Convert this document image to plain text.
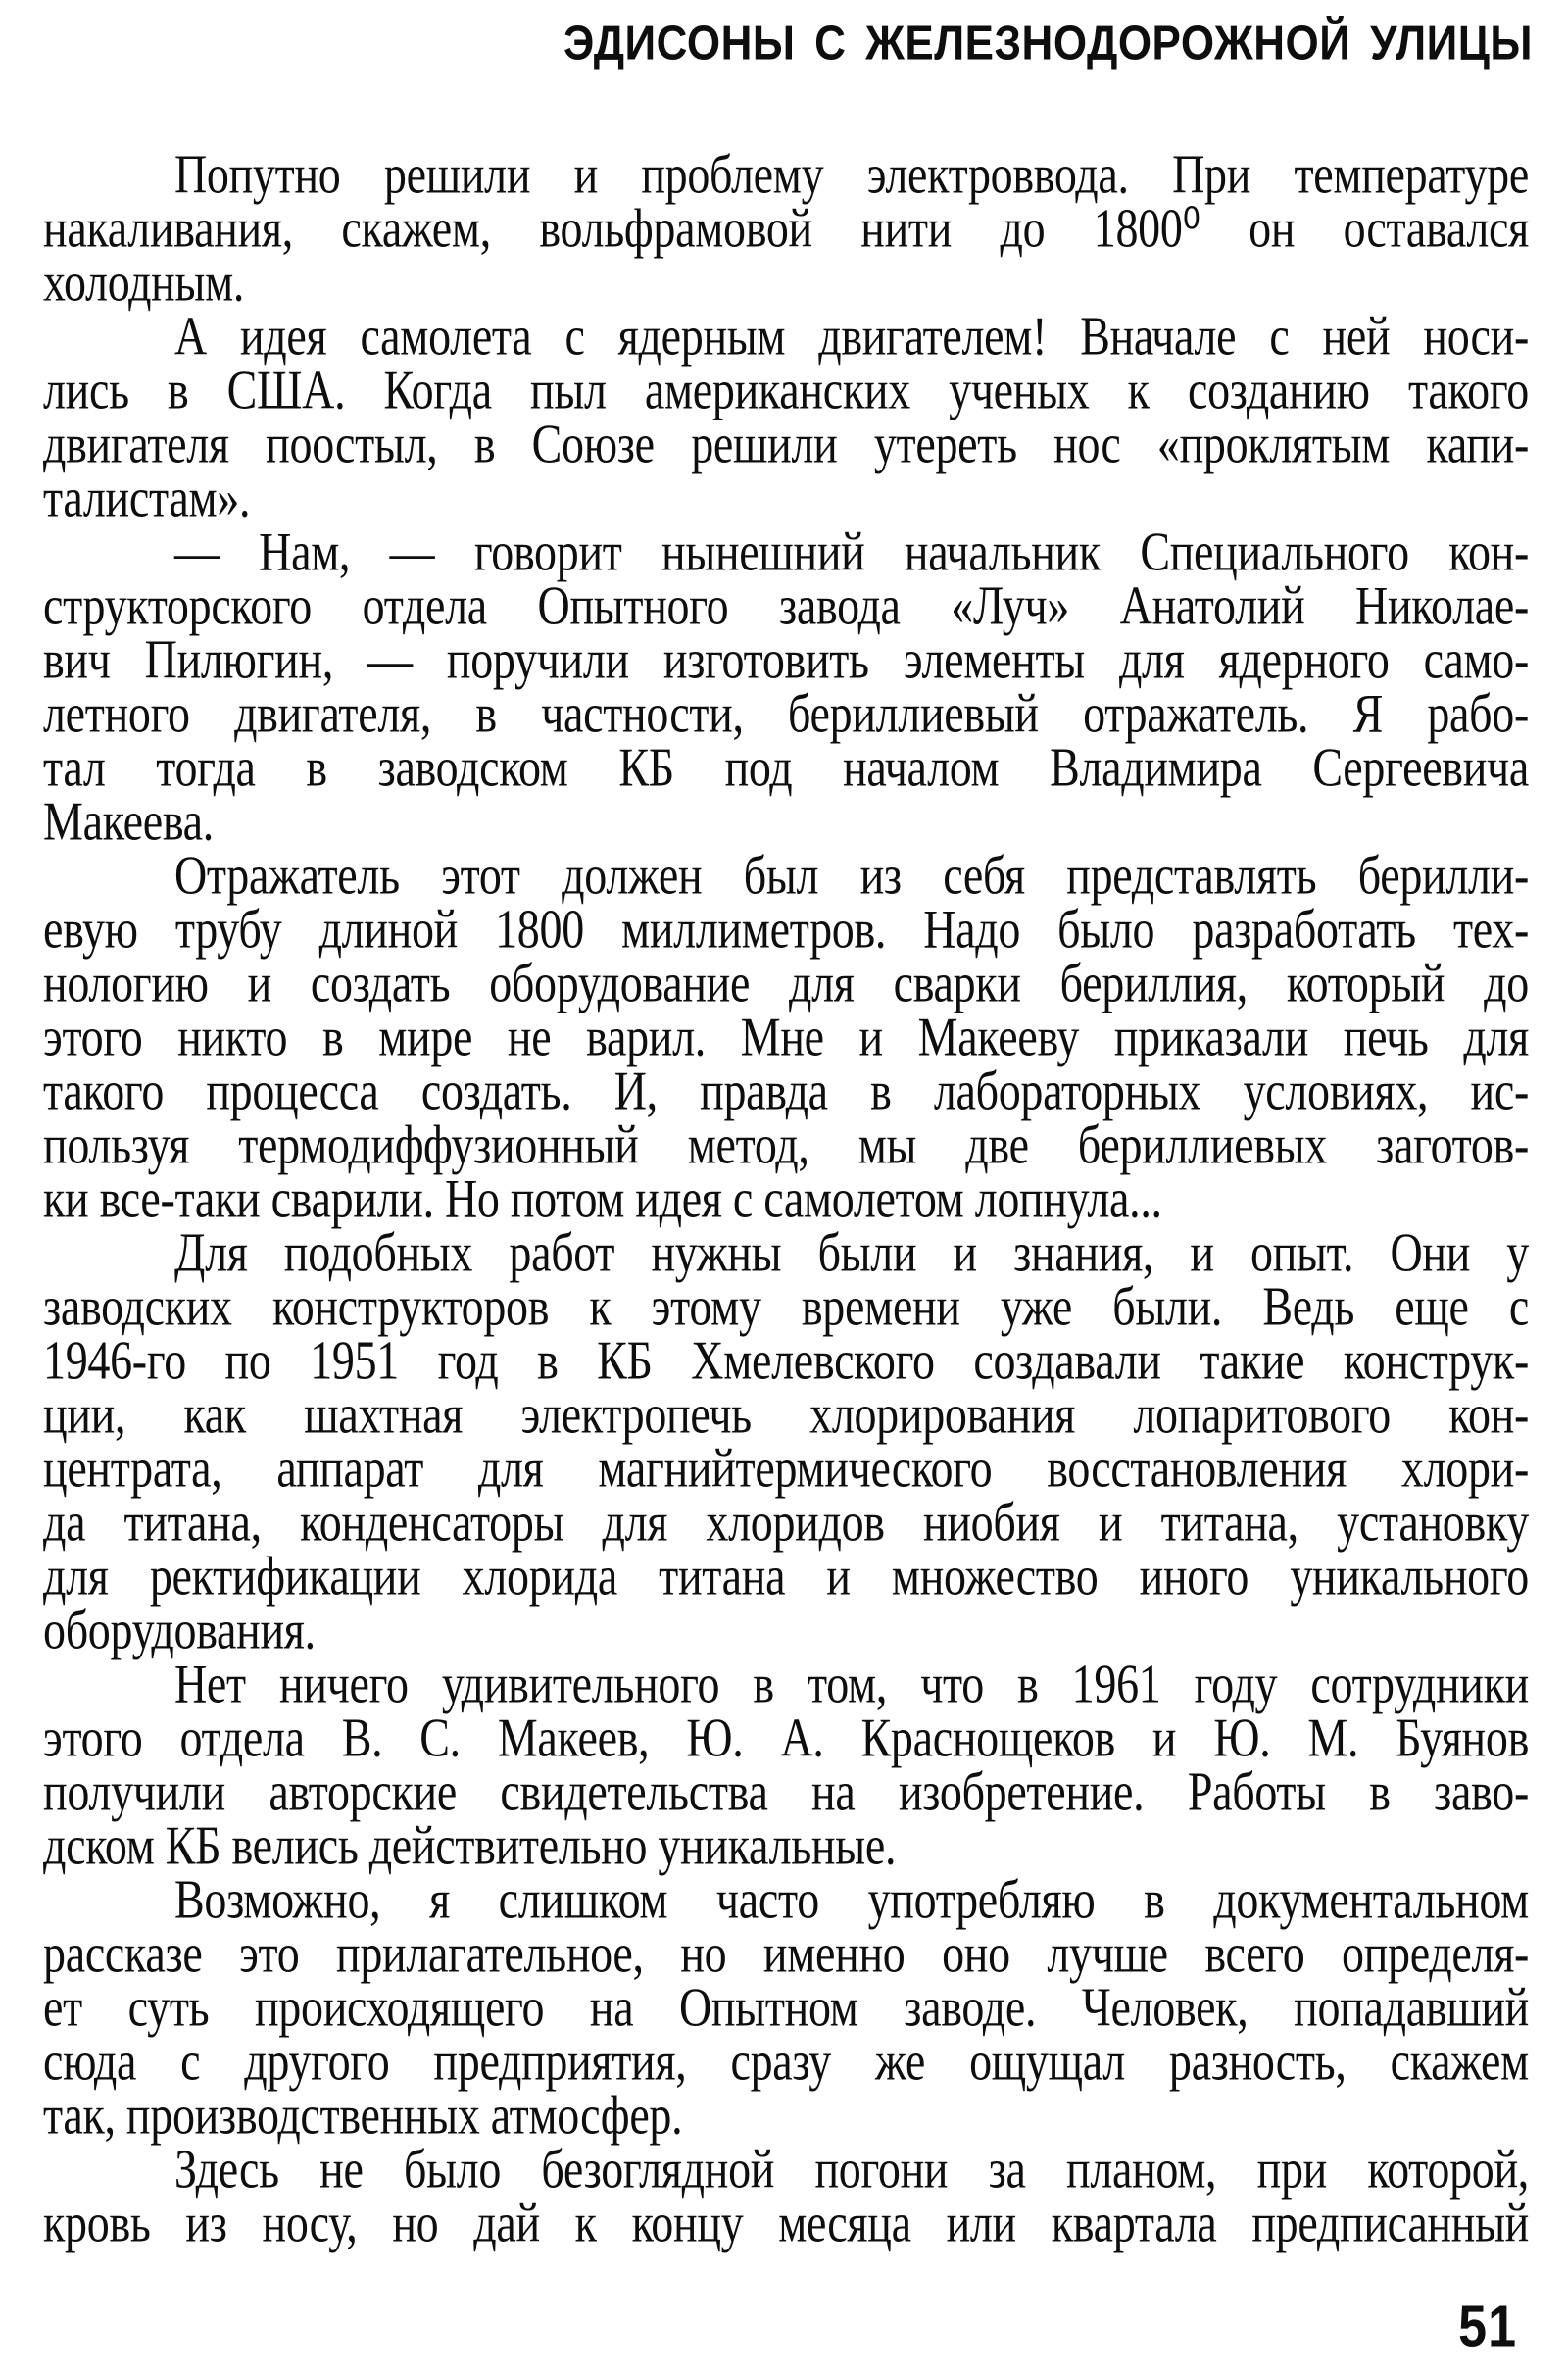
ЭДИСОНЫ С ЖЕЛЕЗНОДОРОЖНОЙ УЛИЦЫ
Попутно решили и проблему электроввода. При температуре
накаливания, скажем, вольфрамовой нити до 1800⁰ он оставался
холодным.
А идея самолета с ядерным двигателем! Вначале с ней носи-
лись в США. Когда пыл американских ученых к созданию такого
двигателя поостыл, в Союзе решили утереть нос «проклятым капи-
талистам».
— Нам, — говорит нынешний начальник Специального кон-
структорского отдела Опытного завода «Луч» Анатолий Николае-
вич Пилюгин, — поручили изготовить элементы для ядерного само-
летного двигателя, в частности, бериллиевый отражатель. Я рабо-
тал тогда в заводском КБ под началом Владимира Сергеевича
Макеева.
Отражатель этот должен был из себя представлять берилли-
евую трубу длиной 1800 миллиметров. Надо было разработать тех-
нологию и создать оборудование для сварки бериллия, который до
этого никто в мире не варил. Мне и Макееву приказали печь для
такого процесса создать. И, правда в лабораторных условиях, ис-
пользуя термодиффузионный метод, мы две бериллиевых заготов-
ки все-таки сварили. Но потом идея с самолетом лопнула...
Для подобных работ нужны были и знания, и опыт. Они у
заводских конструкторов к этому времени уже были. Ведь еще с
1946-го по 1951 год в КБ Хмелевского создавали такие конструк-
ции, как шахтная электропечь хлорирования лопаритового кон-
центрата, аппарат для магнийтермического восстановления хлори-
да титана, конденсаторы для хлоридов ниобия и титана, установку
для ректификации хлорида титана и множество иного уникального
оборудования.
Нет ничего удивительного в том, что в 1961 году сотрудники
этого отдела В. С. Макеев, Ю. А. Краснощеков и Ю. М. Буянов
получили авторские свидетельства на изобретение. Работы в заво-
дском КБ велись действительно уникальные.
Возможно, я слишком часто употребляю в документальном
рассказе это прилагательное, но именно оно лучше всего определя-
ет суть происходящего на Опытном заводе. Человек, попадавший
сюда с другого предприятия, сразу же ощущал разность, скажем
так, производственных атмосфер.
Здесь не было безоглядной погони за планом, при которой,
кровь из носу, но дай к концу месяца или квартала предписанный
51
